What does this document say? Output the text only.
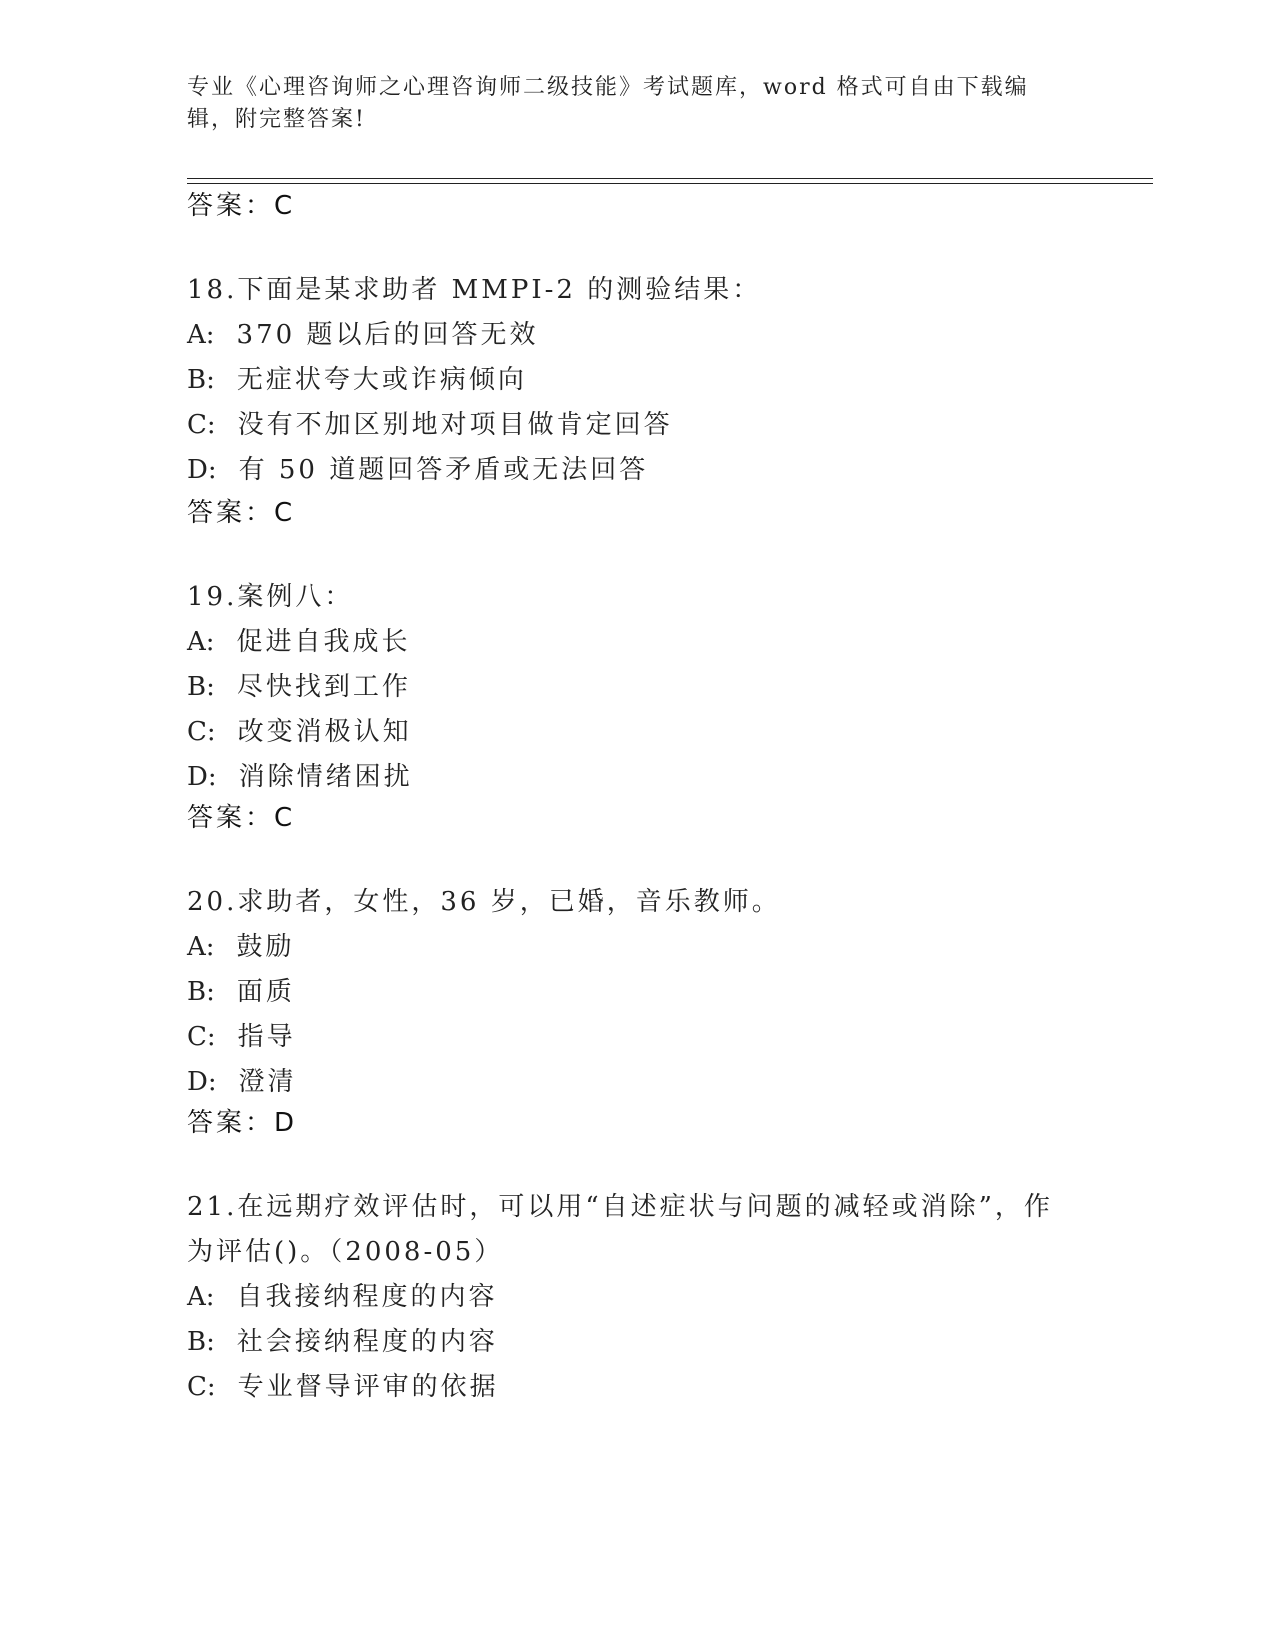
专业《心理咨询师之心理咨询师二级技能》考试题库，word 格式可自由下载编辑，附完整答案!
答案：C
18.下面是某求助者 MMPI-2 的测验结果：
A: 370 题以后的回答无效
B: 无症状夸大或诈病倾向
C: 没有不加区别地对项目做肯定回答
D: 有 50 道题回答矛盾或无法回答
答案：C
19.案例八：
A: 促进自我成长
B: 尽快找到工作
C: 改变消极认知
D: 消除情绪困扰
答案：C
20.求助者，女性，36 岁，已婚，音乐教师。
A: 鼓励
B: 面质
C: 指导
D: 澄清
答案：D
21.在远期疗效评估时，可以用“自述症状与问题的减轻或消除”，作为评估()。（2008-05）
A: 自我接纳程度的内容
B: 社会接纳程度的内容
C: 专业督导评审的依据
